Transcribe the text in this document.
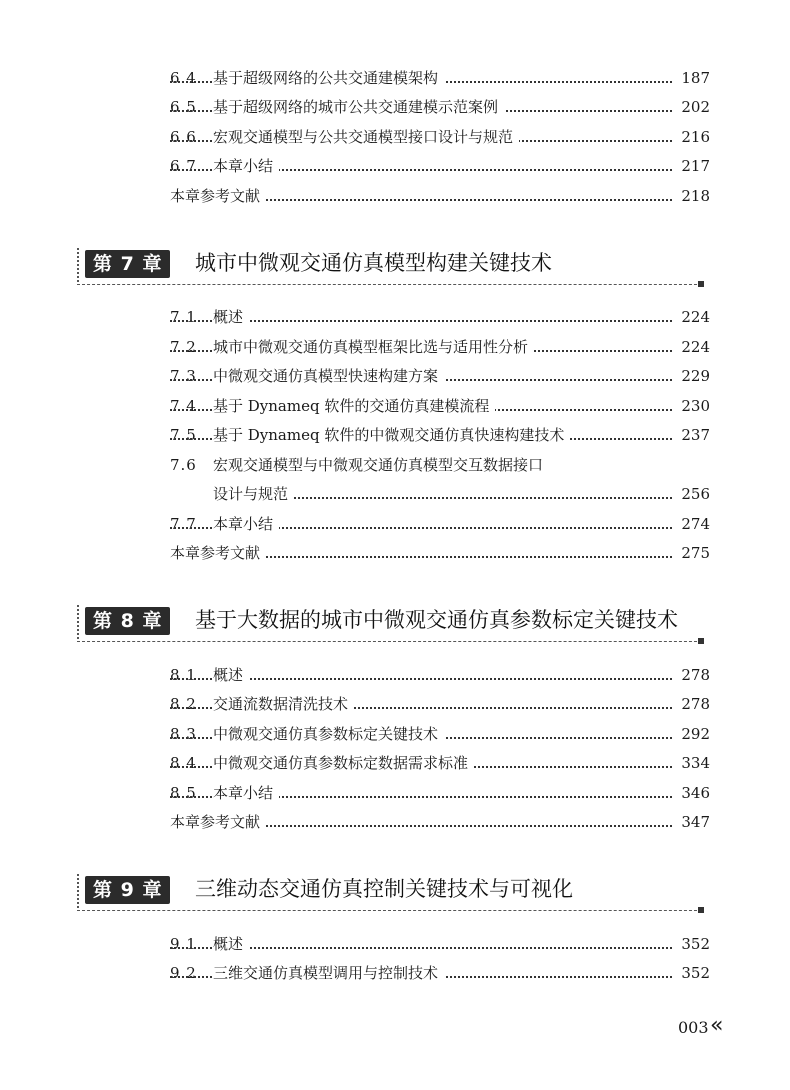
6.4 基于超级网络的公共交通建模架构	187
6.5 基于超级网络的城市公共交通建模示范案例	202
6.6 宏观交通模型与公共交通模型接口设计与规范	216
6.7 本章小结	217
本章参考文献	218
第 7 章	城市中微观交通仿真模型构建关键技术
7.1 概述	224
7.2 城市中微观交通仿真模型框架比选与适用性分析	224
7.3 中微观交通仿真模型快速构建方案	229
7.4 基于 Dynameq 软件的交通仿真建模流程	230
7.5 基于 Dynameq 软件的中微观交通仿真快速构建技术	237
7.6 宏观交通模型与中微观交通仿真模型交互数据接口
设计与规范	256
7.7 本章小结	274
本章参考文献	275
第 8 章	基于大数据的城市中微观交通仿真参数标定关键技术
8.1 概述	278
8.2 交通流数据清洗技术	278
8.3 中微观交通仿真参数标定关键技术	292
8.4 中微观交通仿真参数标定数据需求标准	334
8.5 本章小结	346
本章参考文献	347
第 9 章	三维动态交通仿真控制关键技术与可视化
9.1 概述	352
9.2 三维交通仿真模型调用与控制技术	352
003 «
